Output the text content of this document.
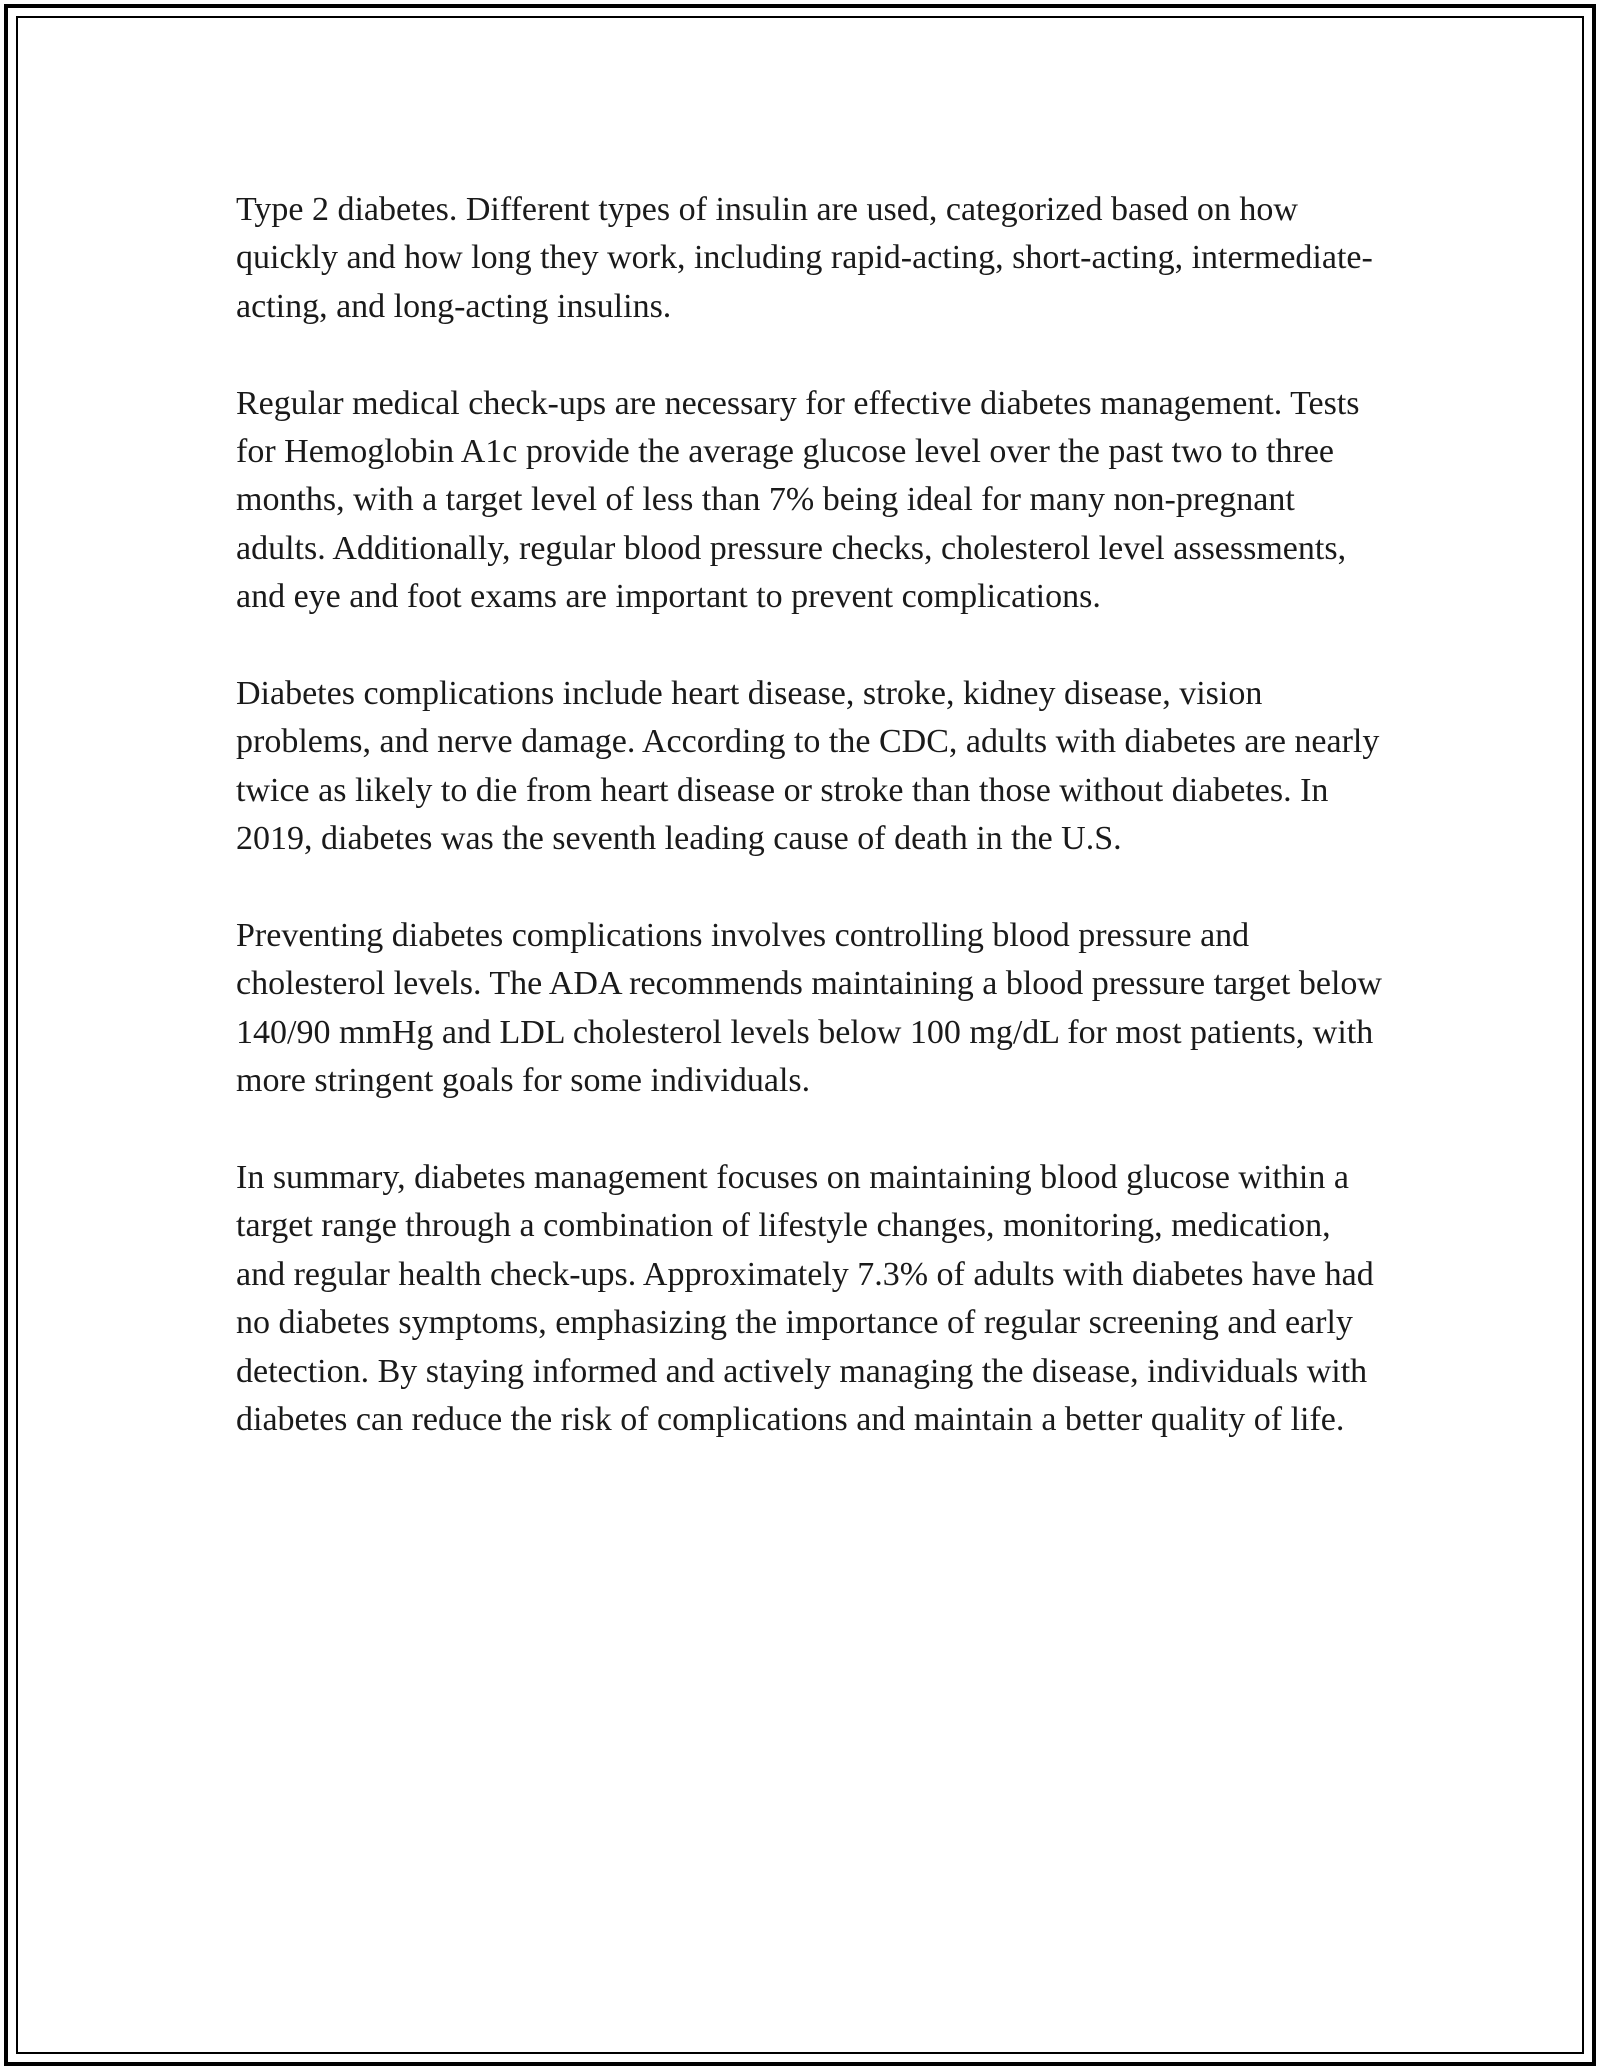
Type 2 diabetes. Different types of insulin are used, categorized based on how quickly and how long they work, including rapid-acting, short-acting, intermediate-acting, and long-acting insulins.

Regular medical check-ups are necessary for effective diabetes management. Tests for Hemoglobin A1c provide the average glucose level over the past two to three months, with a target level of less than 7% being ideal for many non-pregnant adults. Additionally, regular blood pressure checks, cholesterol level assessments, and eye and foot exams are important to prevent complications.

Diabetes complications include heart disease, stroke, kidney disease, vision problems, and nerve damage. According to the CDC, adults with diabetes are nearly twice as likely to die from heart disease or stroke than those without diabetes. In 2019, diabetes was the seventh leading cause of death in the U.S.

Preventing diabetes complications involves controlling blood pressure and cholesterol levels. The ADA recommends maintaining a blood pressure target below 140/90 mmHg and LDL cholesterol levels below 100 mg/dL for most patients, with more stringent goals for some individuals.

In summary, diabetes management focuses on maintaining blood glucose within a target range through a combination of lifestyle changes, monitoring, medication, and regular health check-ups. Approximately 7.3% of adults with diabetes have had no diabetes symptoms, emphasizing the importance of regular screening and early detection. By staying informed and actively managing the disease, individuals with diabetes can reduce the risk of complications and maintain a better quality of life.
